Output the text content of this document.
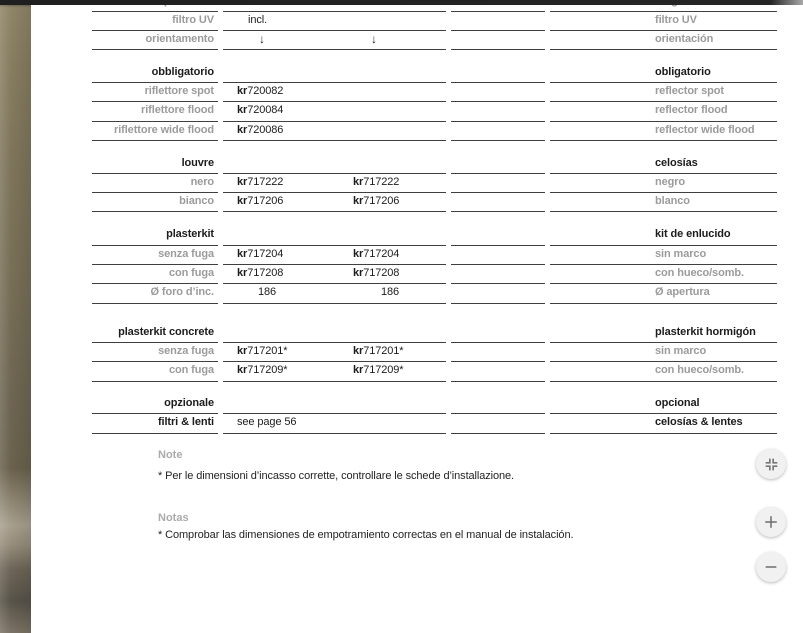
filtro UV	incl.	filtro UV
orientamento	↓	↓	orientación
obbligatorio	obligatorio
riflettore spot	kr720082	reflector spot
riflettore flood	kr720084	reflector flood
riflettore wide flood	kr720086	reflector wide flood
louvre	celosías
nero	kr717222	kr717222	negro
bianco	kr717206	kr717206	blanco
plasterkit	kit de enlucido
senza fuga	kr717204	kr717204	sin marco
con fuga	kr717208	kr717208	con hueco/somb.
Ø foro d’inc.	186	186	Ø apertura
plasterkit concrete	plasterkit hormigón
senza fuga	kr717201*	kr717201*	sin marco
con fuga	kr717209*	kr717209*	con hueco/somb.
opzionale	opcional
filtri & lenti	see page 56	celosías & lentes
Note
* Per le dimensioni d’incasso corrette, controllare le schede d’installazione.
Notas
* Comprobar las dimensiones de empotramiento correctas en el manual de instalación.
